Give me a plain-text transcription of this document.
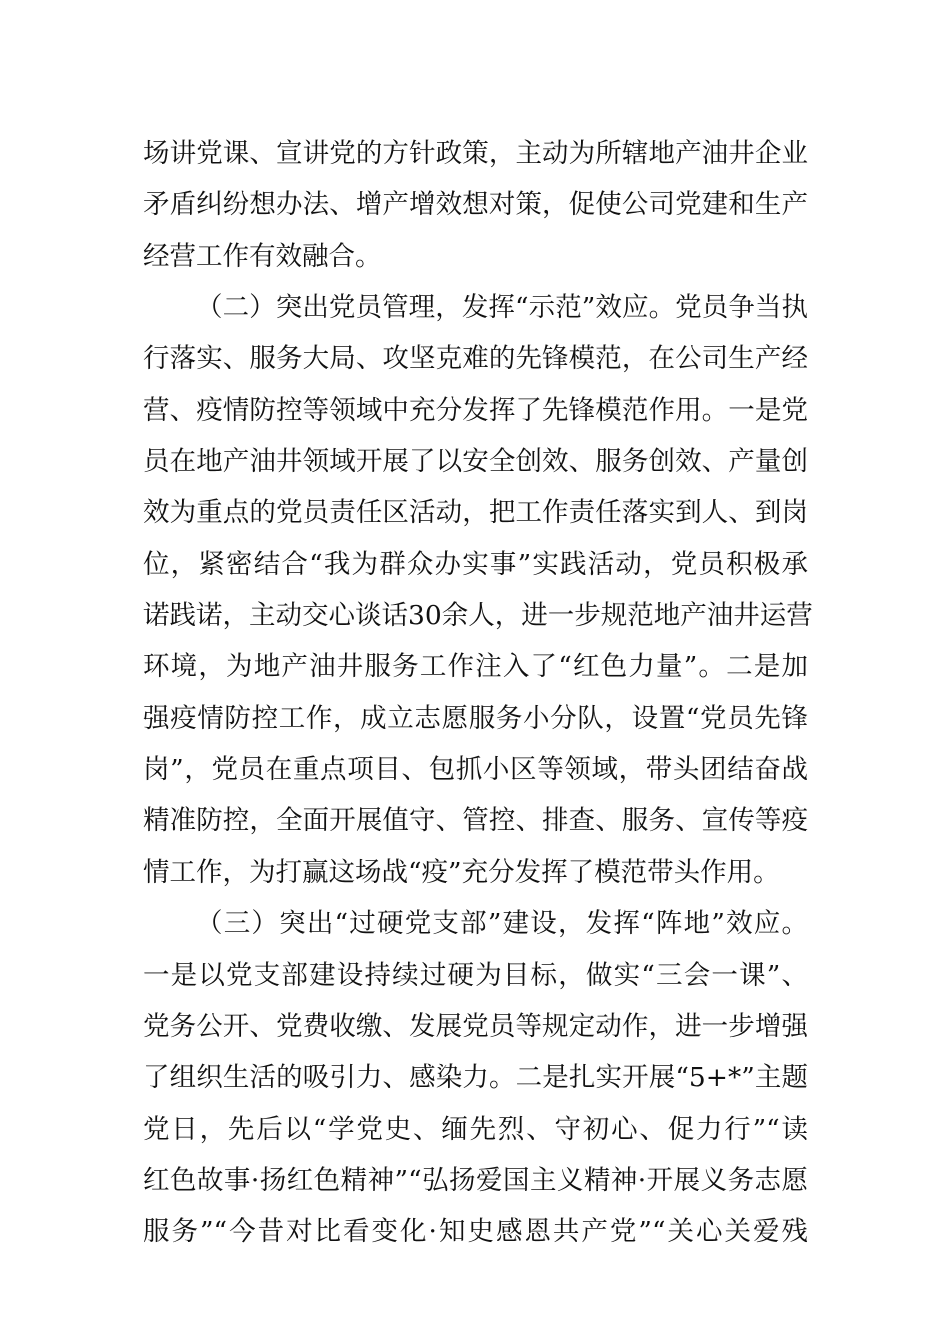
场讲党课、宣讲党的方针政策，主动为所辖地产油井企业
矛盾纠纷想办法、增产增效想对策，促使公司党建和生产
经营工作有效融合。
（二）突出党员管理，发挥“示范”效应。党员争当执
行落实、服务大局、攻坚克难的先锋模范，在公司生产经
营、疫情防控等领域中充分发挥了先锋模范作用。一是党
员在地产油井领域开展了以安全创效、服务创效、产量创
效为重点的党员责任区活动，把工作责任落实到人、到岗
位，紧密结合“我为群众办实事”实践活动，党员积极承
诺践诺，主动交心谈话30余人，进一步规范地产油井运营
环境，为地产油井服务工作注入了“红色力量”。二是加
强疫情防控工作，成立志愿服务小分队，设置“党员先锋
岗”，党员在重点项目、包抓小区等领域，带头团结奋战
精准防控，全面开展值守、管控、排查、服务、宣传等疫
情工作，为打赢这场战“疫”充分发挥了模范带头作用。
（三）突出“过硬党支部”建设，发挥“阵地”效应。
一是以党支部建设持续过硬为目标，做实“三会一课”、
党务公开、党费收缴、发展党员等规定动作，进一步增强
了组织生活的吸引力、感染力。二是扎实开展“5+*”主题
党日，先后以“学党史、缅先烈、守初心、促力行”“读
红色故事·扬红色精神”“弘扬爱国主义精神·开展义务志愿
服务”“今昔对比看变化·知史感恩共产党”“关心关爱残
